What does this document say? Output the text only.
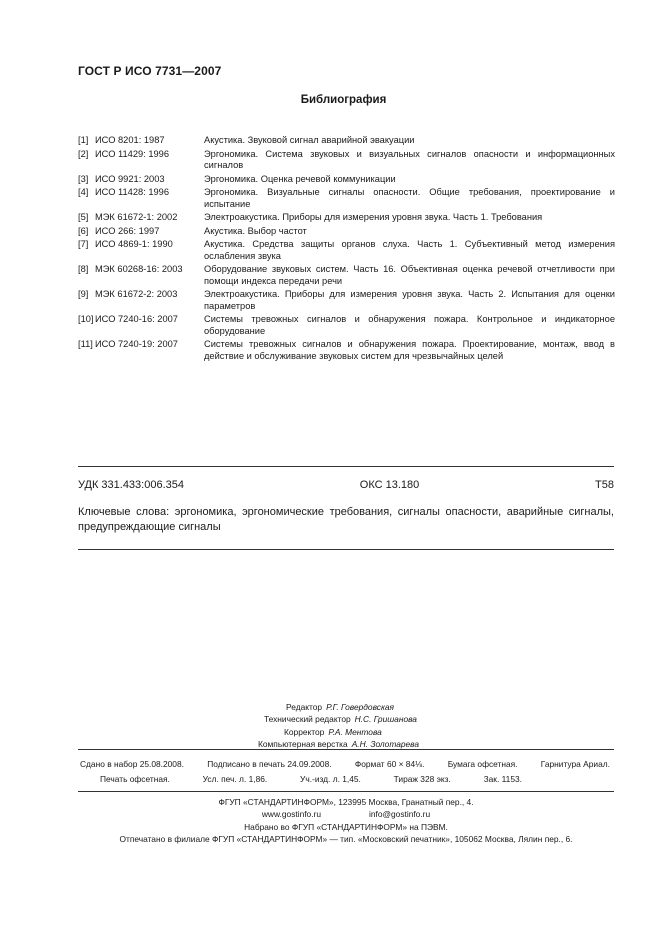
ГОСТ Р ИСО 7731—2007
Библиография
[1] ИСО 8201: 1987	Акустика. Звуковой сигнал аварийной эвакуации
[2] ИСО 11429: 1996	Эргономика. Система звуковых и визуальных сигналов опасности и информационных сигналов
[3] ИСО 9921: 2003	Эргономика. Оценка речевой коммуникации
[4] ИСО 11428: 1996	Эргономика. Визуальные сигналы опасности. Общие требования, проектирование и испытание
[5] МЭК 61672-1: 2002	Электроакустика. Приборы для измерения уровня звука. Часть 1. Требования
[6] ИСО 266: 1997	Акустика. Выбор частот
[7] ИСО 4869-1: 1990	Акустика. Средства защиты органов слуха. Часть 1. Субъективный метод измерения ослабления звука
[8] МЭК 60268-16: 2003	Оборудование звуковых систем. Часть 16. Объективная оценка речевой отчетливости при помощи индекса передачи речи
[9] МЭК 61672-2: 2003	Электроакустика. Приборы для измерения уровня звука. Часть 2. Испытания для оценки параметров
[10] ИСО 7240-16: 2007	Системы тревожных сигналов и обнаружения пожара. Контрольное и индикаторное оборудование
[11] ИСО 7240-19: 2007	Системы тревожных сигналов и обнаружения пожара. Проектирование, монтаж, ввод в действие и обслуживание звуковых систем для чрезвычайных целей
УДК 331.433:006.354	ОКС 13.180	Т58
Ключевые слова: эргономика, эргономические требования, сигналы опасности, аварийные сигналы, предупреждающие сигналы
Редактор Р.Г. Говердовская
Технический редактор Н.С. Гришанова
Корректор Р.А. Ментова
Компьютерная верстка А.Н. Золотарева
Сдано в набор 25.08.2008.	Подписано в печать 24.09.2008.	Формат 60 × 84⅛.	Бумага офсетная.	Гарнитура Ариал.
Печать офсетная.	Усл. печ. л. 1,86.	Уч.-изд. л. 1,45.	Тираж 328 экз.	Зак. 1153.
ФГУП «СТАНДАРТИНФОРМ», 123995 Москва, Гранатный пер., 4.
www.gostinfo.ru	info@gostinfo.ru
Набрано во ФГУП «СТАНДАРТИНФОРМ» на ПЭВМ.
Отпечатано в филиале ФГУП «СТАНДАРТИНФОРМ» — тип. «Московский печатник», 105062 Москва, Лялин пер., 6.
